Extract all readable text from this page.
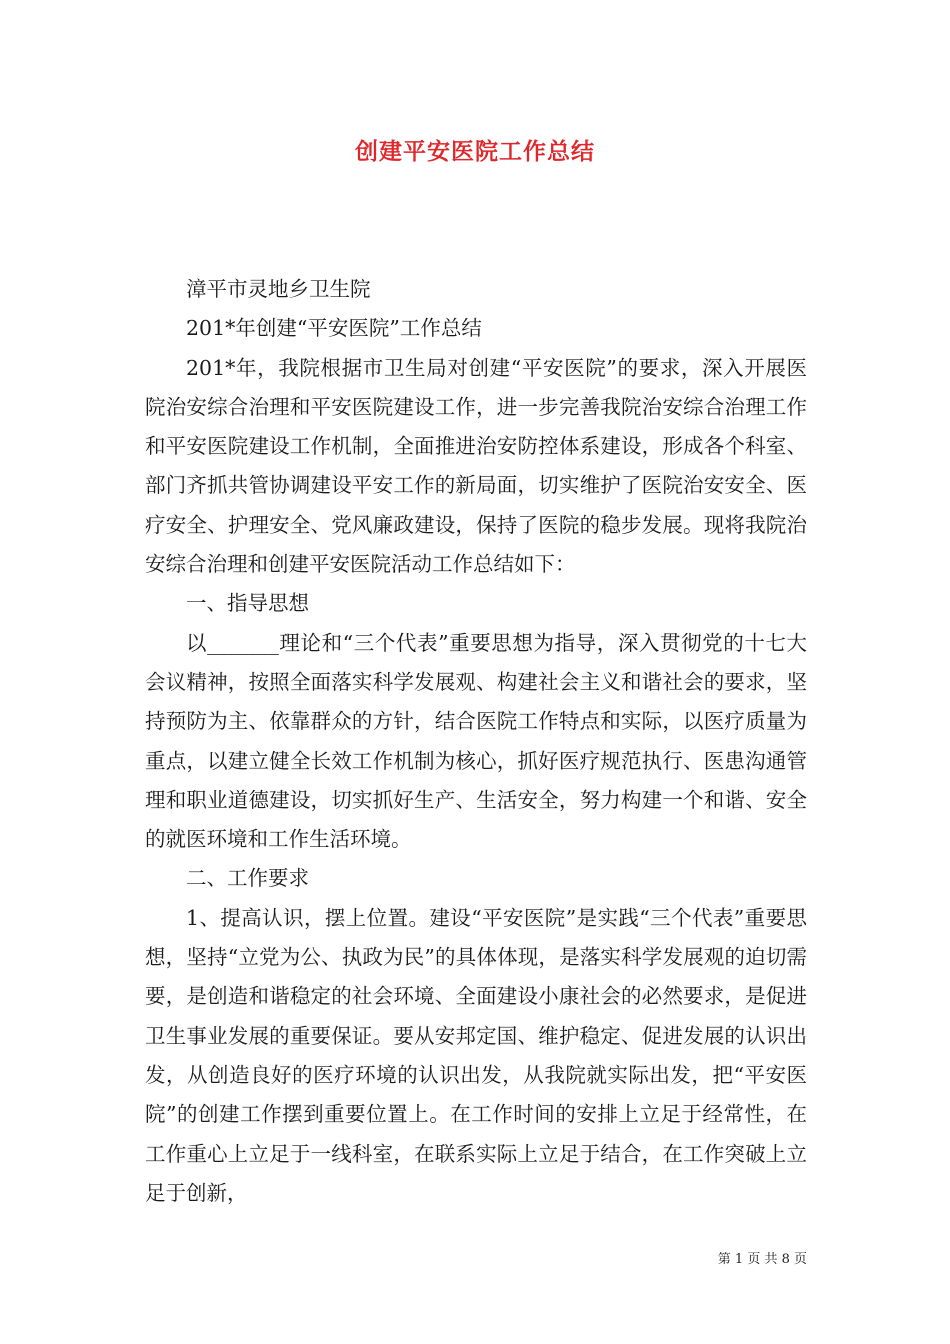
创建平安医院工作总结

漳平市灵地乡卫生院

201*年创建“平安医院”工作总结

201*年，我院根据市卫生局对创建“平安医院”的要求，深入开展医院治安综合治理和平安医院建设工作，进一步完善我院治安综合治理工作和平安医院建设工作机制，全面推进治安防控体系建设，形成各个科室、部门齐抓共管协调建设平安工作的新局面，切实维护了医院治安安全、医疗安全、护理安全、党风廉政建设，保持了医院的稳步发展。现将我院治安综合治理和创建平安医院活动工作总结如下：

一、指导思想

以_______理论和“三个代表”重要思想为指导，深入贯彻党的十七大会议精神，按照全面落实科学发展观、构建社会主义和谐社会的要求，坚持预防为主、依靠群众的方针，结合医院工作特点和实际，以医疗质量为重点，以建立健全长效工作机制为核心，抓好医疗规范执行、医患沟通管理和职业道德建设，切实抓好生产、生活安全，努力构建一个和谐、安全的就医环境和工作生活环境。

二、工作要求

1、提高认识，摆上位置。建设“平安医院”是实践“三个代表”重要思想，坚持“立党为公、执政为民”的具体体现，是落实科学发展观的迫切需要，是创造和谐稳定的社会环境、全面建设小康社会的必然要求，是促进卫生事业发展的重要保证。要从安邦定国、维护稳定、促进发展的认识出发，从创造良好的医疗环境的认识出发，从我院就实际出发，把“平安医院”的创建工作摆到重要位置上。在工作时间的安排上立足于经常性，在工作重心上立足于一线科室，在联系实际上立足于结合，在工作突破上立足于创新，

第 1 页 共 8 页
